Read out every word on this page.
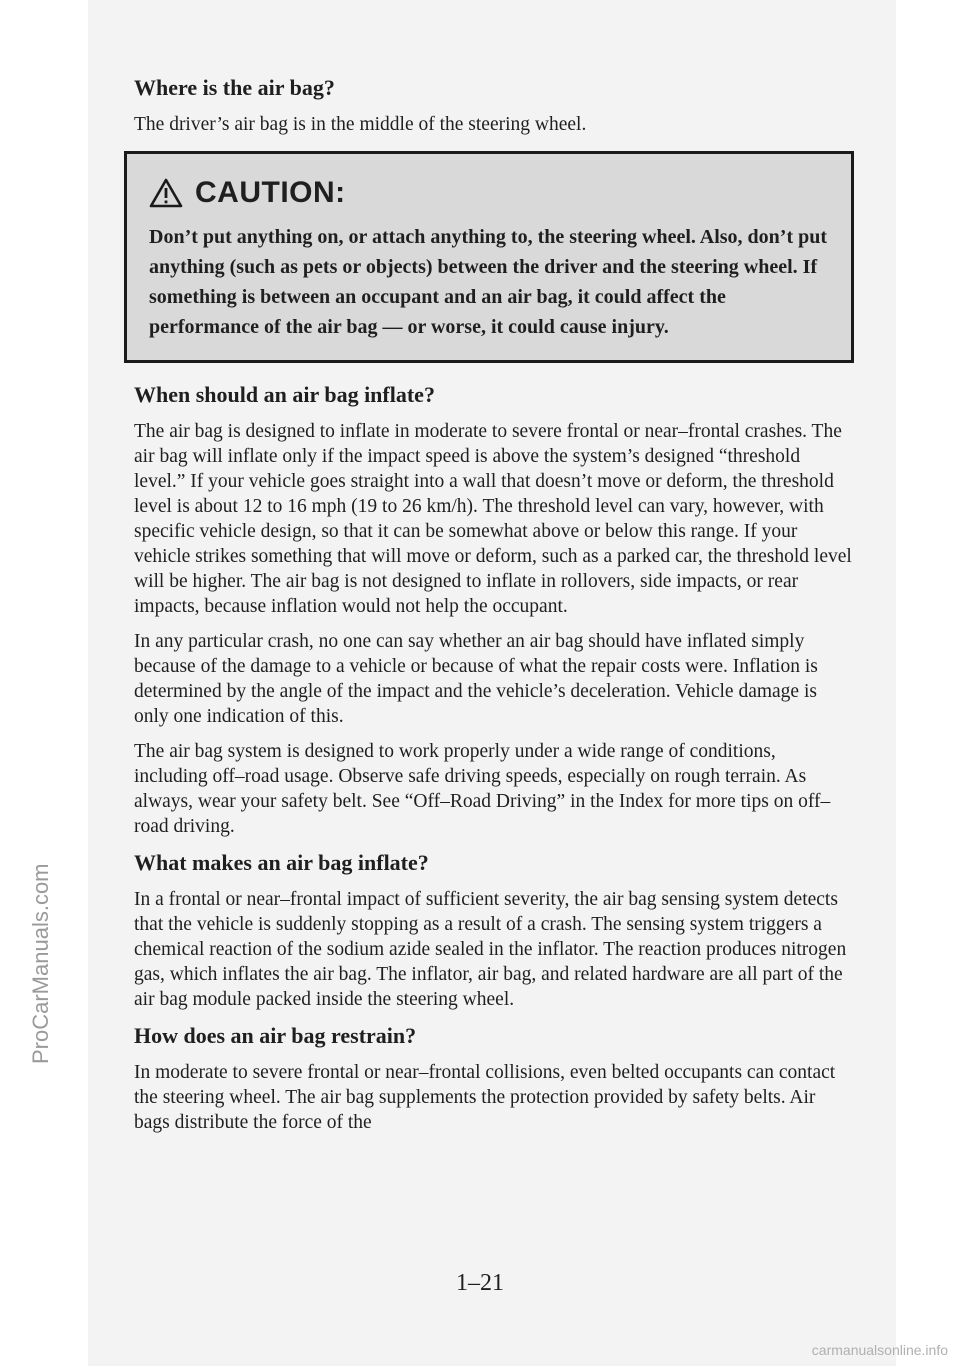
Where is the air bag?

The driver’s air bag is in the middle of the steering wheel.

CAUTION:

Don’t put anything on, or attach anything to, the steering wheel. Also, don’t put anything (such as pets or objects) between the driver and the steering wheel. If something is between an occupant and an air bag, it could affect the performance of the air bag — or worse, it could cause injury.

When should an air bag inflate?

The air bag is designed to inflate in moderate to severe frontal or near–frontal crashes. The air bag will inflate only if the impact speed is above the system’s designed “threshold level.” If your vehicle goes straight into a wall that doesn’t move or deform, the threshold level is about 12 to 16 mph (19 to 26 km/h). The threshold level can vary, however, with specific vehicle design, so that it can be somewhat above or below this range. If your vehicle strikes something that will move or deform, such as a parked car, the threshold level will be higher. The air bag is not designed to inflate in rollovers, side impacts, or rear impacts, because inflation would not help the occupant.

In any particular crash, no one can say whether an air bag should have inflated simply because of the damage to a vehicle or because of what the repair costs were. Inflation is determined by the angle of the impact and the vehicle’s deceleration. Vehicle damage is only one indication of this.

The air bag system is designed to work properly under a wide range of conditions, including off–road usage. Observe safe driving speeds, especially on rough terrain. As always, wear your safety belt. See “Off–Road Driving” in the Index for more tips on off–road driving.

What makes an air bag inflate?

In a frontal or near–frontal impact of sufficient severity, the air bag sensing system detects that the vehicle is suddenly stopping as a result of a crash. The sensing system triggers a chemical reaction of the sodium azide sealed in the inflator. The reaction produces nitrogen gas, which inflates the air bag. The inflator, air bag, and related hardware are all part of the air bag module packed inside the steering wheel.

How does an air bag restrain?

In moderate to severe frontal or near–frontal collisions, even belted occupants can contact the steering wheel. The air bag supplements the protection provided by safety belts. Air bags distribute the force of the

1–21
ProCarManuals.com
carmanualsonline.info
